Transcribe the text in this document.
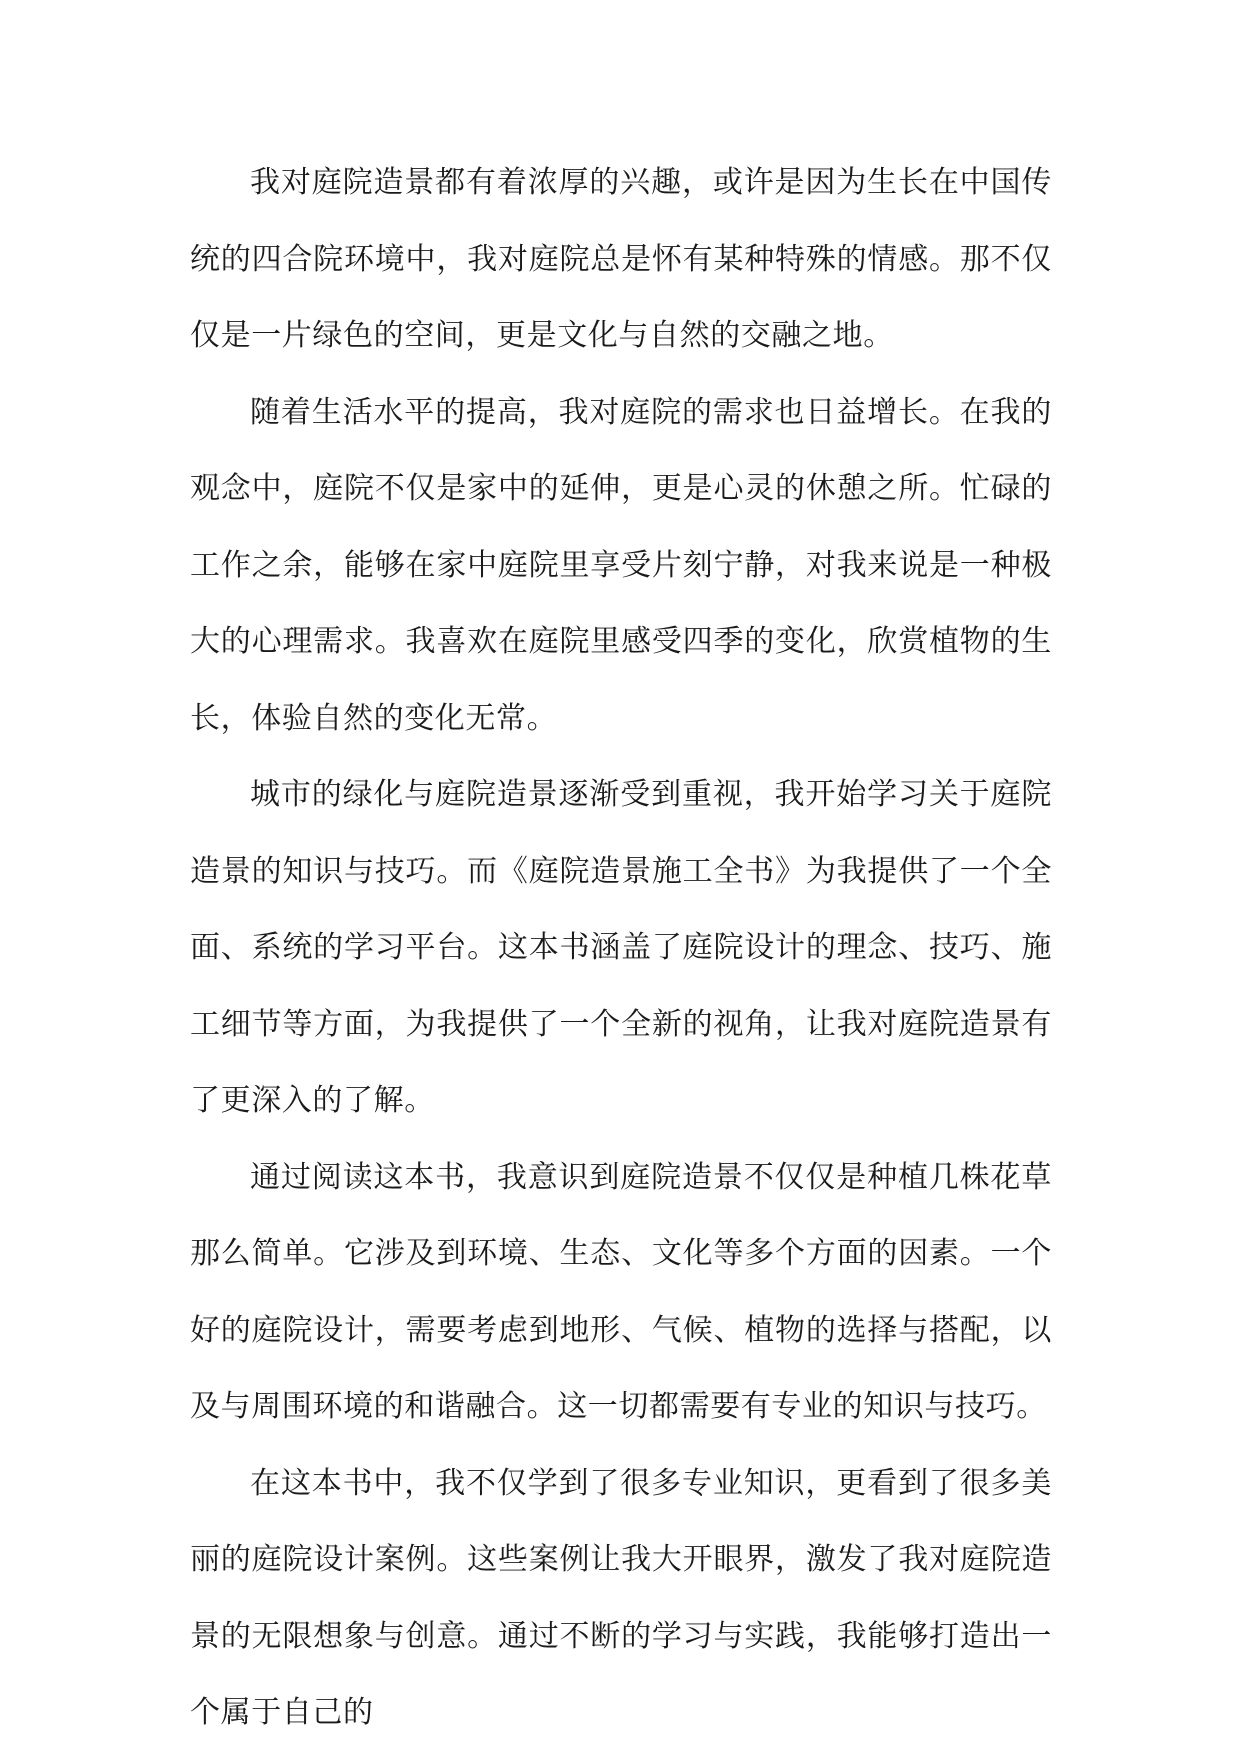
我对庭院造景都有着浓厚的兴趣，或许是因为生长在中国传统的四合院环境中，我对庭院总是怀有某种特殊的情感。那不仅仅是一片绿色的空间，更是文化与自然的交融之地。

随着生活水平的提高，我对庭院的需求也日益增长。在我的观念中，庭院不仅是家中的延伸，更是心灵的休憩之所。忙碌的工作之余，能够在家中庭院里享受片刻宁静，对我来说是一种极大的心理需求。我喜欢在庭院里感受四季的变化，欣赏植物的生长，体验自然的变化无常。

城市的绿化与庭院造景逐渐受到重视，我开始学习关于庭院造景的知识与技巧。而《庭院造景施工全书》为我提供了一个全面、系统的学习平台。这本书涵盖了庭院设计的理念、技巧、施工细节等方面，为我提供了一个全新的视角，让我对庭院造景有了更深入的了解。

通过阅读这本书，我意识到庭院造景不仅仅是种植几株花草那么简单。它涉及到环境、生态、文化等多个方面的因素。一个好的庭院设计，需要考虑到地形、气候、植物的选择与搭配，以及与周围环境的和谐融合。这一切都需要有专业的知识与技巧。

在这本书中，我不仅学到了很多专业知识，更看到了很多美丽的庭院设计案例。这些案例让我大开眼界，激发了我对庭院造景的无限想象与创意。通过不断的学习与实践，我能够打造出一个属于自己的
